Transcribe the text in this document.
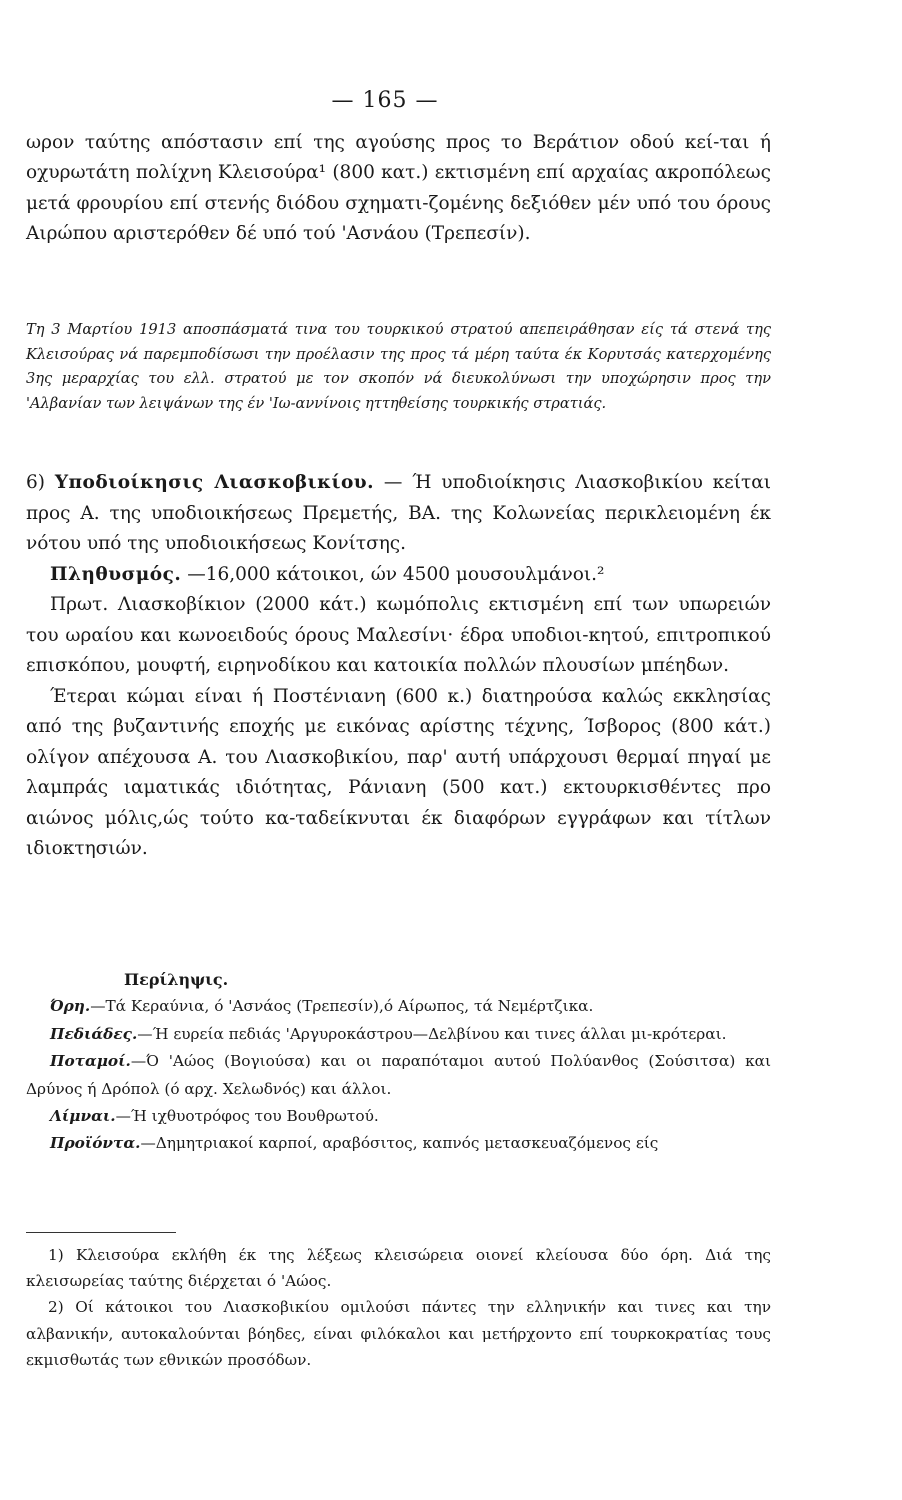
— 165 —

ωρον ταύτης απόστασιν επί της αγούσης προς το Βεράτιον οδού κεί-ται ή οχυρωτάτη πολίχνη Κλεισούρα¹ (800 κατ.) εκτισμένη επί αρχαίας ακροπόλεως μετά φρουρίου επί στενής διόδου σχηματι-ζομένης δεξιόθεν μέν υπό του όρους Αιρώπου αριστερόθεν δέ υπό τού 'Ασνάου (Τρεπεσίν).

Τη 3 Μαρτίου 1913 αποσπάσματά τινα του τουρκικού στρατού απεπειράθησαν είς τά στενά της Κλεισούρας νά παρεμποδίσωσι την προέλασιν της προς τά μέρη ταύτα έκ Κορυτσάς κατερχομένης 3ης μεραρχίας του ελλ. στρατού με τον σκοπόν νά διευκολύνωσι την υποχώρησιν προς την 'Αλβανίαν των λειψάνων της έν 'Ιω-αννίνοις ηττηθείσης τουρκικής στρατιάς.

6) Υποδιοίκησις Λιασκοβικίου. — Ή υποδιοίκησις Λιασκοβικίου κείται προς Α. της υποδιοικήσεως Πρεμετής, ΒΑ. της Κολωνείας περικλειομένη έκ νότου υπό της υποδιοικήσεως Κονίτσης.

Πληθυσμός. —16,000 κάτοικοι, ών 4500 μουσουλμάνοι.²

Πρωτ. Λιασκοβίκιον (2000 κάτ.) κωμόπολις εκτισμένη επί των υπωρειών του ωραίου και κωνοειδούς όρους Μαλεσίνι· έδρα υποδιοι-κητού, επιτροπικού επισκόπου, μουφτή, ειρηνοδίκου και κατοικία πολλών πλουσίων μπέηδων.

Έτεραι κώμαι είναι ή Ποστένιανη (600 κ.) διατηρούσα καλώς εκκλησίας από της βυζαντινής εποχής με εικόνας αρίστης τέχνης, Ίσβορος (800 κάτ.) ολίγον απέχουσα Α. του Λιασκοβικίου, παρ' αυτή υπάρχουσι θερμαί πηγαί με λαμπράς ιαματικάς ιδιότητας, Ράνιανη (500 κατ.) εκτουρκισθέντες προ αιώνος μόλις,ώς τούτο κα-ταδείκνυται έκ διαφόρων εγγράφων και τίτλων ιδιοκτησιών.

Περίληψις.

Όρη.—Τά Κεραύνια, ό 'Ασνάος (Τρεπεσίν),ό Αίρωπος, τά Νεμέρτζικα.

Πεδιάδες.—Ή ευρεία πεδιάς 'Αργυροκάστρου—Δελβίνου και τινες άλλαι μι-κρότεραι.

Ποταμοί.—Ό 'Αώος (Βογιούσα) και οι παραπόταμοι αυτού Πολύανθος (Σούσιτσα) και Δρύνος ή Δρόπολ (ό αρχ. Χελωδνός) και άλλοι.

Λίμναι.—Ή ιχθυοτρόφος του Βουθρωτού.

Προϊόντα.—Δημητριακοί καρποί, αραβόσιτος, καπνός μετασκευαζόμενος είς

1) Κλεισούρα εκλήθη έκ της λέξεως κλεισώρεια οιονεί κλείουσα δύο όρη. Διά της κλεισωρείας ταύτης διέρχεται ό 'Αώος.

2) Οί κάτοικοι του Λιασκοβικίου ομιλούσι πάντες την ελληνικήν και τινες και την αλβανικήν, αυτοκαλούνται βόηδες, είναι φιλόκαλοι και μετήρχοντο επί τουρκοκρατίας τους εκμισθωτάς των εθνικών προσόδων.
